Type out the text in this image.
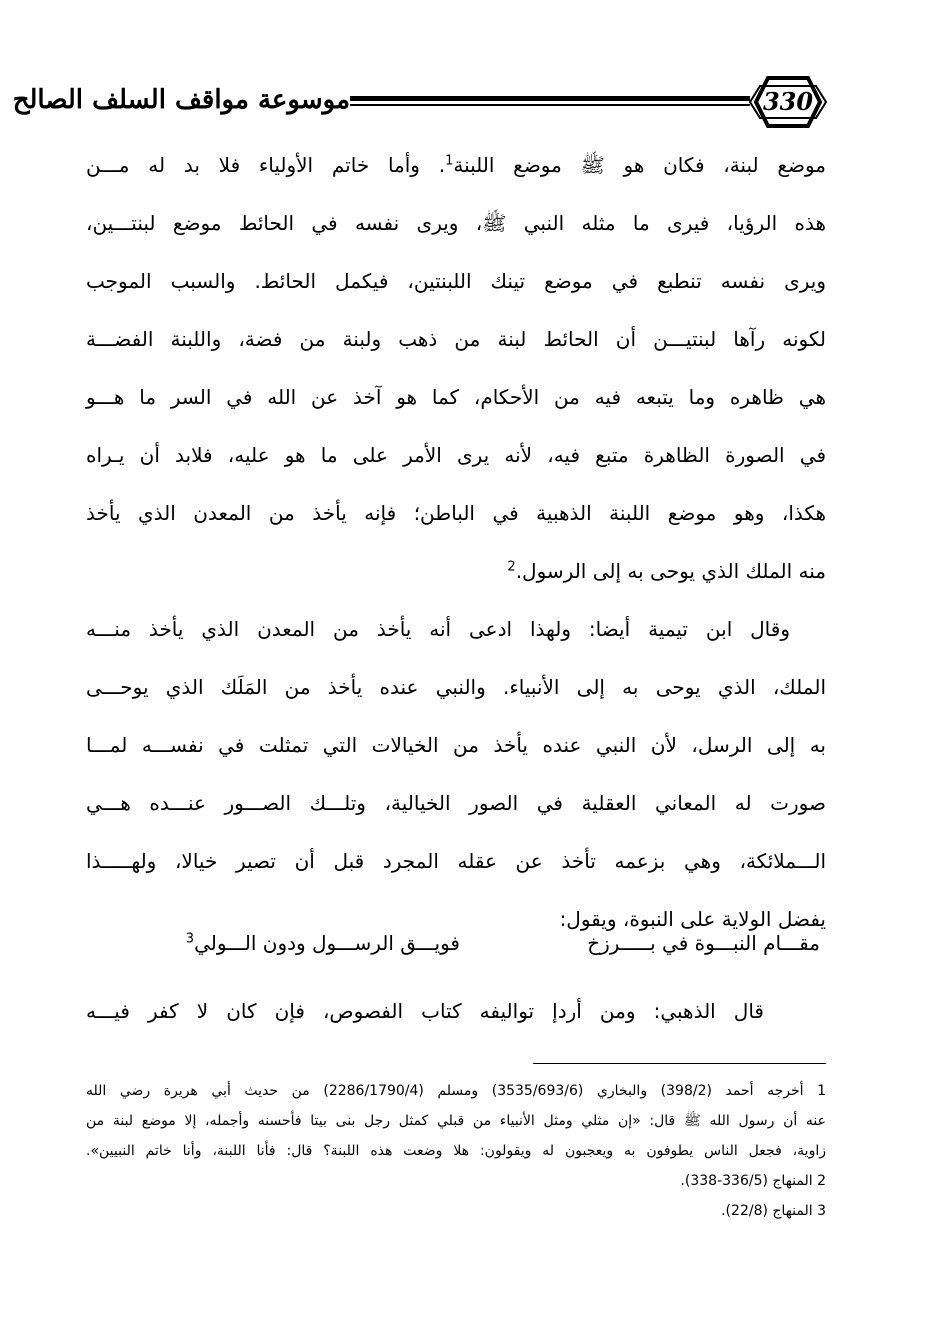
موسوعة مواقف السلف الصالح	330
موضع لبنة، فكان هو ﷺ موضع اللبنة$^1$. وأما خاتم الأولياء فلا بد له مـــن
هذه الرؤيا، فيرى ما مثله النبي ﷺ، ويرى نفسه في الحائط موضع لبنتـــين،
ويرى نفسه تنطبع في موضع تينك اللبنتين، فيكمل الحائط. والسبب الموجب
لكونه رآها لبنتيـــن أن الحائط لبنة من ذهب ولبنة من فضة، واللبنة الفضـــة
هي ظاهره وما يتبعه فيه من الأحكام، كما هو آخذ عن الله في السر ما هـــو
في الصورة الظاهرة متبع فيه، لأنه يرى الأمر على ما هو عليه، فلابد أن يـراه
هكذا، وهو موضع اللبنة الذهبية في الباطن؛ فإنه يأخذ من المعدن الذي يأخذ
منه الملك الذي يوحى به إلى الرسول.$^2$
وقال ابن تيمية أيضا: ولهذا ادعى أنه يأخذ من المعدن الذي يأخذ منـــه
الملك، الذي يوحى به إلى الأنبياء. والنبي عنده يأخذ من المَلَك الذي يوحـــى
به إلى الرسل، لأن النبي عنده يأخذ من الخيالات التي تمثلت في نفســـه لمـــا
صورت له المعاني العقلية في الصور الخيالية، وتلـــك الصـــور عنـــده هـــي
الـــملائكة، وهي بزعمه تأخذ عن عقله المجرد قبل أن تصير خيالا، ولهـــــذا
يفضل الولاية على النبوة، ويقول:
مقـــام النبـــوة في بـــــرزخ
فويـــق الرســـول ودون الـــولي$^3$
قال الذهبي: ومن أردإ تواليفه كتاب الفصوص، فإن كان لا كفر فيـــه
1 أخرجه أحمد (398/2) والبخاري (3535/693/6) ومسلم (2286/1790/4) من حديث أبي هريرة رضي الله
عنه أن رسول الله ﷺ قال: «إن مثلي ومثل الأنبياء من قبلي كمثل رجل بنى بيتا فأحسنه وأجمله، إلا موضع لبنة من
زاوية، فجعل الناس يطوفون به ويعجبون له ويقولون: هلا وضعت هذه اللبنة؟ قال: فأنا اللبنة، وأنا خاتم النبيين».
2 المنهاج (336/5-338).
3 المنهاج (22/8).
